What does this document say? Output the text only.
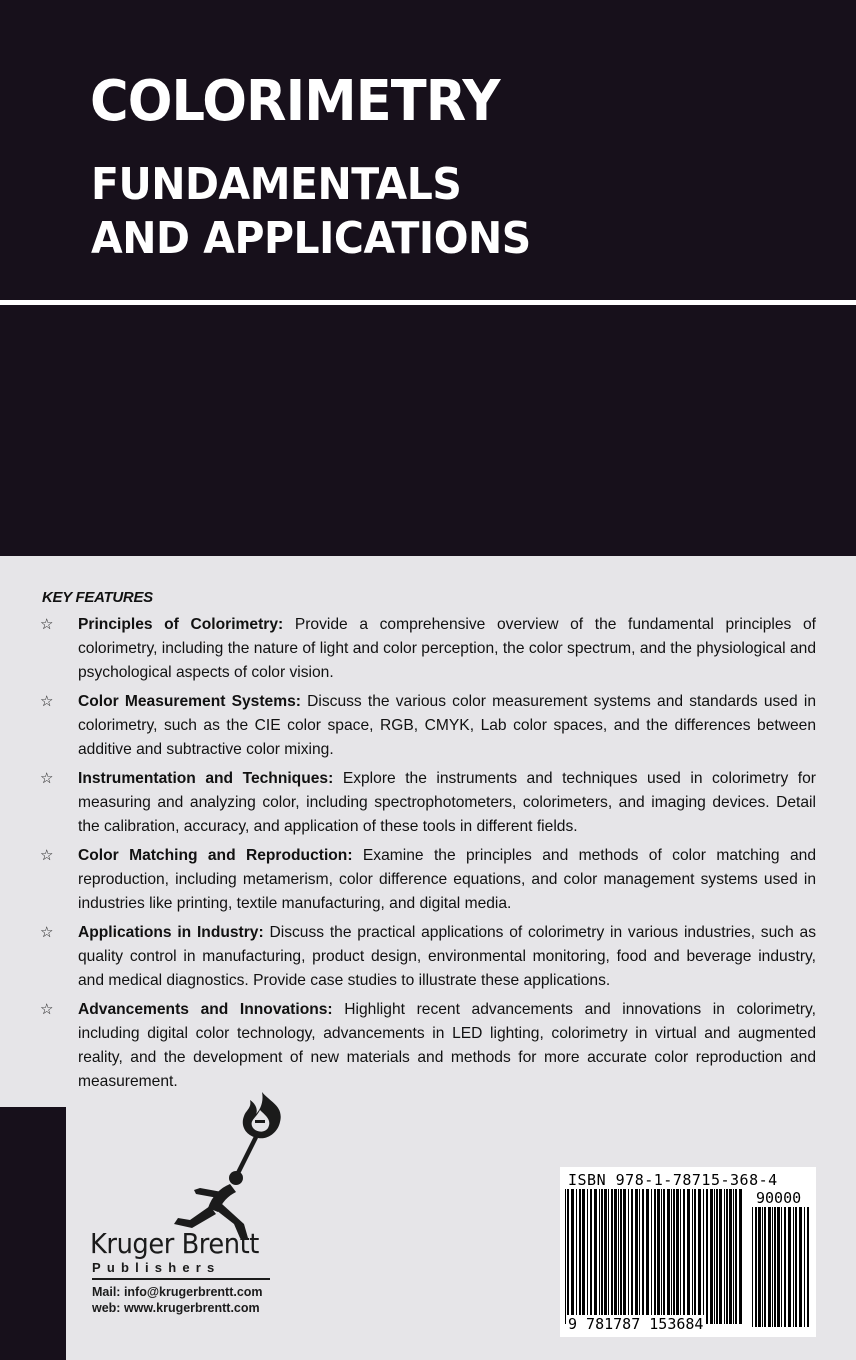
COLORIMETRY
FUNDAMENTALS
AND APPLICATIONS
KEY FEATURES
☆ Principles of Colorimetry: Provide a comprehensive overview of the fundamental principles of colorimetry, including the nature of light and color perception, the color spectrum, and the physiological and psychological aspects of color vision.
☆ Color Measurement Systems: Discuss the various color measurement systems and standards used in colorimetry, such as the CIE color space, RGB, CMYK, Lab color spaces, and the differences between additive and subtractive color mixing.
☆ Instrumentation and Techniques: Explore the instruments and techniques used in colorimetry for measuring and analyzing color, including spectrophotometers, colorimeters, and imaging devices. Detail the calibration, accuracy, and application of these tools in different fields.
☆ Color Matching and Reproduction: Examine the principles and methods of color matching and reproduction, including metamerism, color difference equations, and color management systems used in industries like printing, textile manufacturing, and digital media.
☆ Applications in Industry: Discuss the practical applications of colorimetry in various industries, such as quality control in manufacturing, product design, environmental monitoring, food and beverage industry, and medical diagnostics. Provide case studies to illustrate these applications.
☆ Advancements and Innovations: Highlight recent advancements and innovations in colorimetry, including digital color technology, advancements in LED lighting, colorimetry in virtual and augmented reality, and the development of new materials and methods for more accurate color reproduction and measurement.
Kruger Brentt
Publishers
Mail: info@krugerbrentt.com
web: www.krugerbrentt.com
ISBN 978-1-78715-368-4
90000
9 781787 153684
